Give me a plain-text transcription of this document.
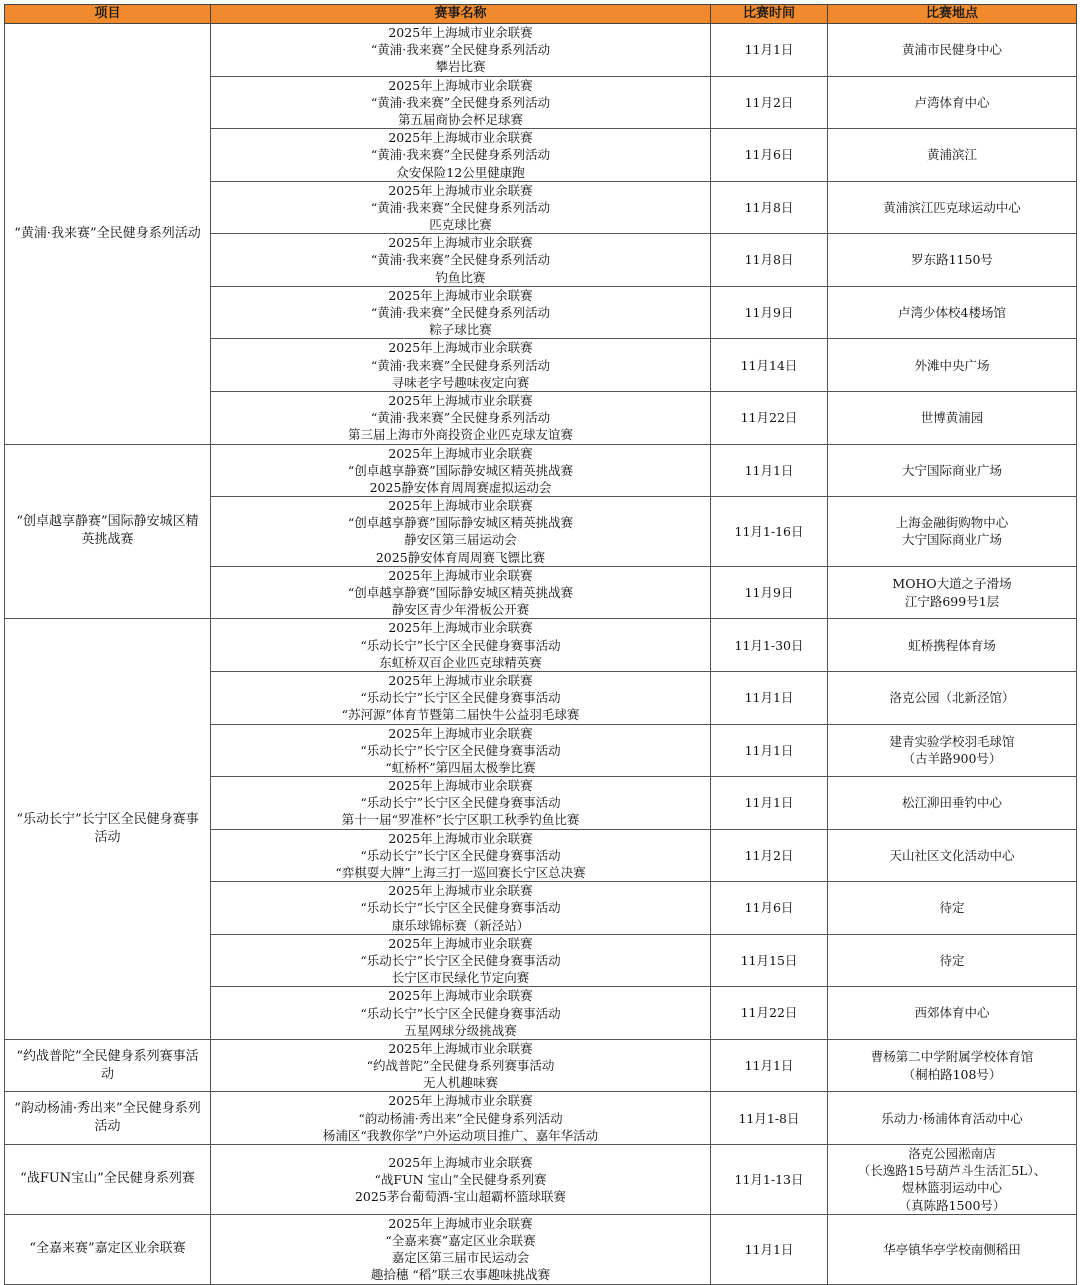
项目	赛事名称	比赛时间	比赛地点
“黄浦·我来赛”全民健身系列活动	2025年上海城市业余联赛
“黄浦·我来赛”全民健身系列活动
攀岩比赛	11月1日	黄浦市民健身中心

	2025年上海城市业余联赛
“黄浦·我来赛”全民健身系列活动
第五届商协会杯足球赛	11月2日	卢湾体育中心

	2025年上海城市业余联赛
“黄浦·我来赛”全民健身系列活动
众安保险12公里健康跑	11月6日	黄浦滨江

	2025年上海城市业余联赛
“黄浦·我来赛”全民健身系列活动
匹克球比赛	11月8日	黄浦滨江匹克球运动中心

	2025年上海城市业余联赛
“黄浦·我来赛”全民健身系列活动
钓鱼比赛	11月8日	罗东路1150号

	2025年上海城市业余联赛
“黄浦·我来赛”全民健身系列活动
粽子球比赛	11月9日	卢湾少体校4楼场馆

	2025年上海城市业余联赛
“黄浦·我来赛”全民健身系列活动
寻味老字号趣味夜定向赛	11月14日	外滩中央广场

	2025年上海城市业余联赛
“黄浦·我来赛”全民健身系列活动
第三届上海市外商投资企业匹克球友谊赛	11月22日	世博黄浦园

“创卓越享静赛”国际静安城区精英挑战赛	2025年上海城市业余联赛
“创卓越享静赛”国际静安城区精英挑战赛
2025静安体育周周赛虚拟运动会	11月1日	大宁国际商业广场

	2025年上海城市业余联赛
“创卓越享静赛”国际静安城区精英挑战赛
静安区第三届运动会
2025静安体育周周赛飞镖比赛	11月1-16日	上海金融街购物中心
大宁国际商业广场

	2025年上海城市业余联赛
“创卓越享静赛”国际静安城区精英挑战赛
静安区青少年滑板公开赛	11月9日	MOHO大道之子滑场
江宁路699号1层

“乐动长宁”长宁区全民健身赛事活动	2025年上海城市业余联赛
“乐动长宁”长宁区全民健身赛事活动
东虹桥双百企业匹克球精英赛	11月1-30日	虹桥携程体育场

	2025年上海城市业余联赛
“乐动长宁”长宁区全民健身赛事活动
“苏河源”体育节暨第二届快牛公益羽毛球赛	11月1日	洛克公园（北新泾馆）

	2025年上海城市业余联赛
“乐动长宁”长宁区全民健身赛事活动
“虹桥杯”第四届太极拳比赛	11月1日	建青实验学校羽毛球馆
（古羊路900号）

	2025年上海城市业余联赛
“乐动长宁”长宁区全民健身赛事活动
第十一届“罗准杯”长宁区职工秋季钓鱼比赛	11月1日	松江泖田垂钓中心

	2025年上海城市业余联赛
“乐动长宁”长宁区全民健身赛事活动
“弈棋耍大牌”上海三打一巡回赛长宁区总决赛	11月2日	天山社区文化活动中心

	2025年上海城市业余联赛
“乐动长宁”长宁区全民健身赛事活动
康乐球锦标赛（新泾站）	11月6日	待定

	2025年上海城市业余联赛
“乐动长宁”长宁区全民健身赛事活动
长宁区市民绿化节定向赛	11月15日	待定

	2025年上海城市业余联赛
“乐动长宁”长宁区全民健身赛事活动
五星网球分级挑战赛	11月22日	西郊体育中心

“约战普陀”全民健身系列赛事活动	2025年上海城市业余联赛
“约战普陀”全民健身系列赛事活动
无人机趣味赛	11月1日	曹杨第二中学附属学校体育馆
（桐柏路108号）

“韵动杨浦·秀出来”全民健身系列活动	2025年上海城市业余联赛
“韵动杨浦·秀出来”全民健身系列活动
杨浦区“我教你学”户外运动项目推广、嘉年华活动	11月1-8日	乐动力·杨浦体育活动中心

“战FUN宝山”全民健身系列赛	2025年上海城市业余联赛
“战FUN 宝山”全民健身系列赛
2025茅台葡萄酒-宝山超霸杯篮球联赛	11月1-13日	洛克公园淞南店
（长逸路15号葫芦斗生活汇5L）、
煜林篮羽运动中心
（真陈路1500号）

“全嘉来赛”嘉定区业余联赛	2025年上海城市业余联赛
“全嘉来赛”嘉定区业余联赛
嘉定区第三届市民运动会
趣拾穗 “稻”联三农事趣味挑战赛	11月1日	华亭镇华亭学校南侧稻田
